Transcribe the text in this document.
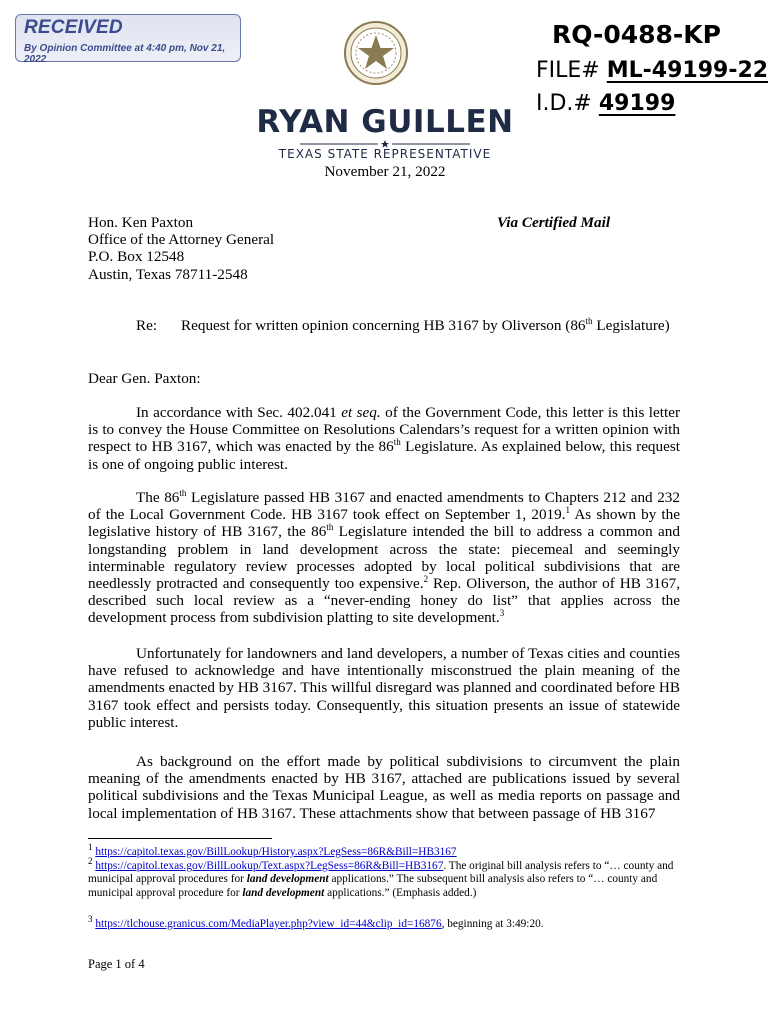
RECEIVED
By Opinion Committee at 4:40 pm, Nov 21, 2022
RQ-0488-KP
FILE# ML-49199-22
I.D.# 49199
RYAN GUILLEN
TEXAS STATE REPRESENTATIVE
November 21, 2022
Hon. Ken Paxton
Office of the Attorney General
P.O. Box 12548
Austin, Texas 78711-2548
Via Certified Mail
Re: Request for written opinion concerning HB 3167 by Oliverson (86th Legislature)
Dear Gen. Paxton:
In accordance with Sec. 402.041 et seq. of the Government Code, this letter is this letter is to convey the House Committee on Resolutions Calendars’s request for a written opinion with respect to HB 3167, which was enacted by the 86th Legislature. As explained below, this request is one of ongoing public interest.
The 86th Legislature passed HB 3167 and enacted amendments to Chapters 212 and 232 of the Local Government Code. HB 3167 took effect on September 1, 2019.$^1$ As shown by the legislative history of HB 3167, the 86th Legislature intended the bill to address a common and longstanding problem in land development across the state: piecemeal and seemingly interminable regulatory review processes adopted by local political subdivisions that are needlessly protracted and consequently too expensive.$^2$ Rep. Oliverson, the author of HB 3167, described such local review as a “never-ending honey do list” that applies across the development process from subdivision platting to site development.$^3$
Unfortunately for landowners and land developers, a number of Texas cities and counties have refused to acknowledge and have intentionally misconstrued the plain meaning of the amendments enacted by HB 3167. This willful disregard was planned and coordinated before HB 3167 took effect and persists today. Consequently, this situation presents an issue of statewide public interest.
As background on the effort made by political subdivisions to circumvent the plain meaning of the amendments enacted by HB 3167, attached are publications issued by several political subdivisions and the Texas Municipal League, as well as media reports on passage and local implementation of HB 3167. These attachments show that between passage of HB 3167
$^1$ https://capitol.texas.gov/BillLookup/History.aspx?LegSess=86R&Bill=HB3167
$^2$ https://capitol.texas.gov/BillLookup/Text.aspx?LegSess=86R&Bill=HB3167. The original bill analysis refers to “… county and municipal approval procedures for land development applications.” The subsequent bill analysis also refers to “… county and municipal approval procedure for land development applications.” (Emphasis added.)
$^3$ https://tlchouse.granicus.com/MediaPlayer.php?view_id=44&clip_id=16876, beginning at 3:49:20.
Page 1 of 4
